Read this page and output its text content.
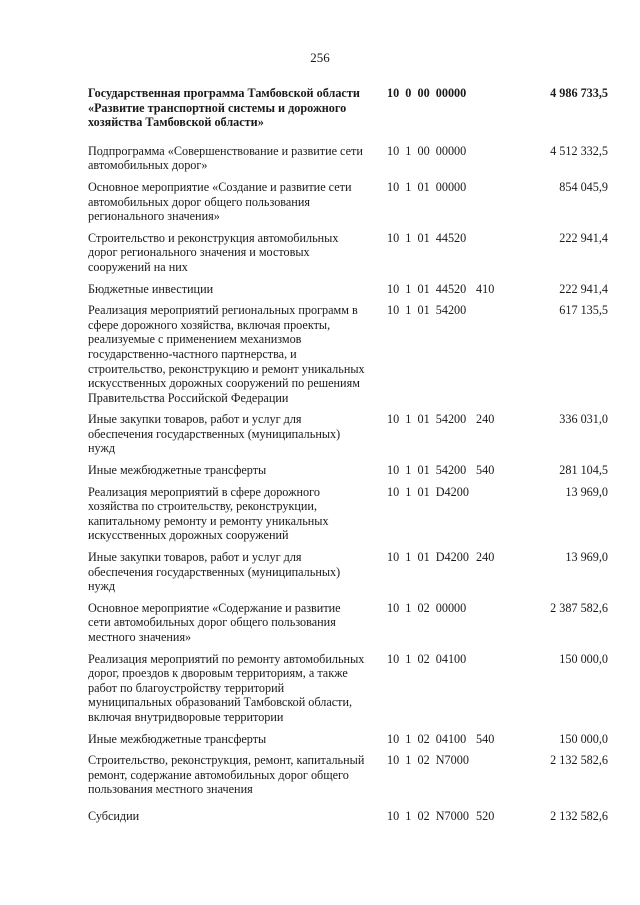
256
Государственная программа Тамбовской области «Развитие транспортной системы и дорожного хозяйства Тамбовской области»
10  0  00  00000	4 986 733,5
Подпрограмма «Совершенствование и развитие сети автомобильных дорог»
10  1  00  00000	4 512 332,5
Основное мероприятие «Создание и развитие сети автомобильных дорог общего пользования регионального значения»
10  1  01  00000	854 045,9
Строительство и реконструкция автомобильных дорог регионального значения и мостовых сооружений на них
10  1  01  44520	222 941,4
Бюджетные инвестиции	10  1  01  44520 410	222 941,4
Реализация мероприятий региональных программ в сфере дорожного хозяйства, включая проекты, реализуемые с применением механизмов государственно-частного партнерства, и строительство, реконструкцию и ремонт уникальных искусственных дорожных сооружений по решениям Правительства Российской Федерации
10  1  01  54200	617 135,5
Иные закупки товаров, работ и услуг для обеспечения государственных (муниципальных) нужд
10  1  01  54200 240	336 031,0
Иные межбюджетные трансферты	10  1  01  54200 540	281 104,5
Реализация мероприятий в сфере дорожного хозяйства по строительству, реконструкции, капитальному ремонту и ремонту уникальных искусственных дорожных сооружений
10  1  01  D4200	13 969,0
Иные закупки товаров, работ и услуг для обеспечения государственных (муниципальных) нужд
10  1  01  D4200 240	13 969,0
Основное мероприятие «Содержание и развитие сети автомобильных дорог общего пользования местного значения»
10  1  02  00000	2 387 582,6
Реализация мероприятий по ремонту автомобильных дорог, проездов к дворовым территориям, а также работ по благоустройству территорий муниципальных образований Тамбовской области, включая внутридворовые территории
10  1  02  04100	150 000,0
Иные межбюджетные трансферты	10  1  02  04100 540	150 000,0
Строительство, реконструкция, ремонт, капитальный ремонт, содержание автомобильных дорог общего пользования местного значения
10  1  02  N7000	2 132 582,6
Субсидии	10  1  02  N7000 520	2 132 582,6
